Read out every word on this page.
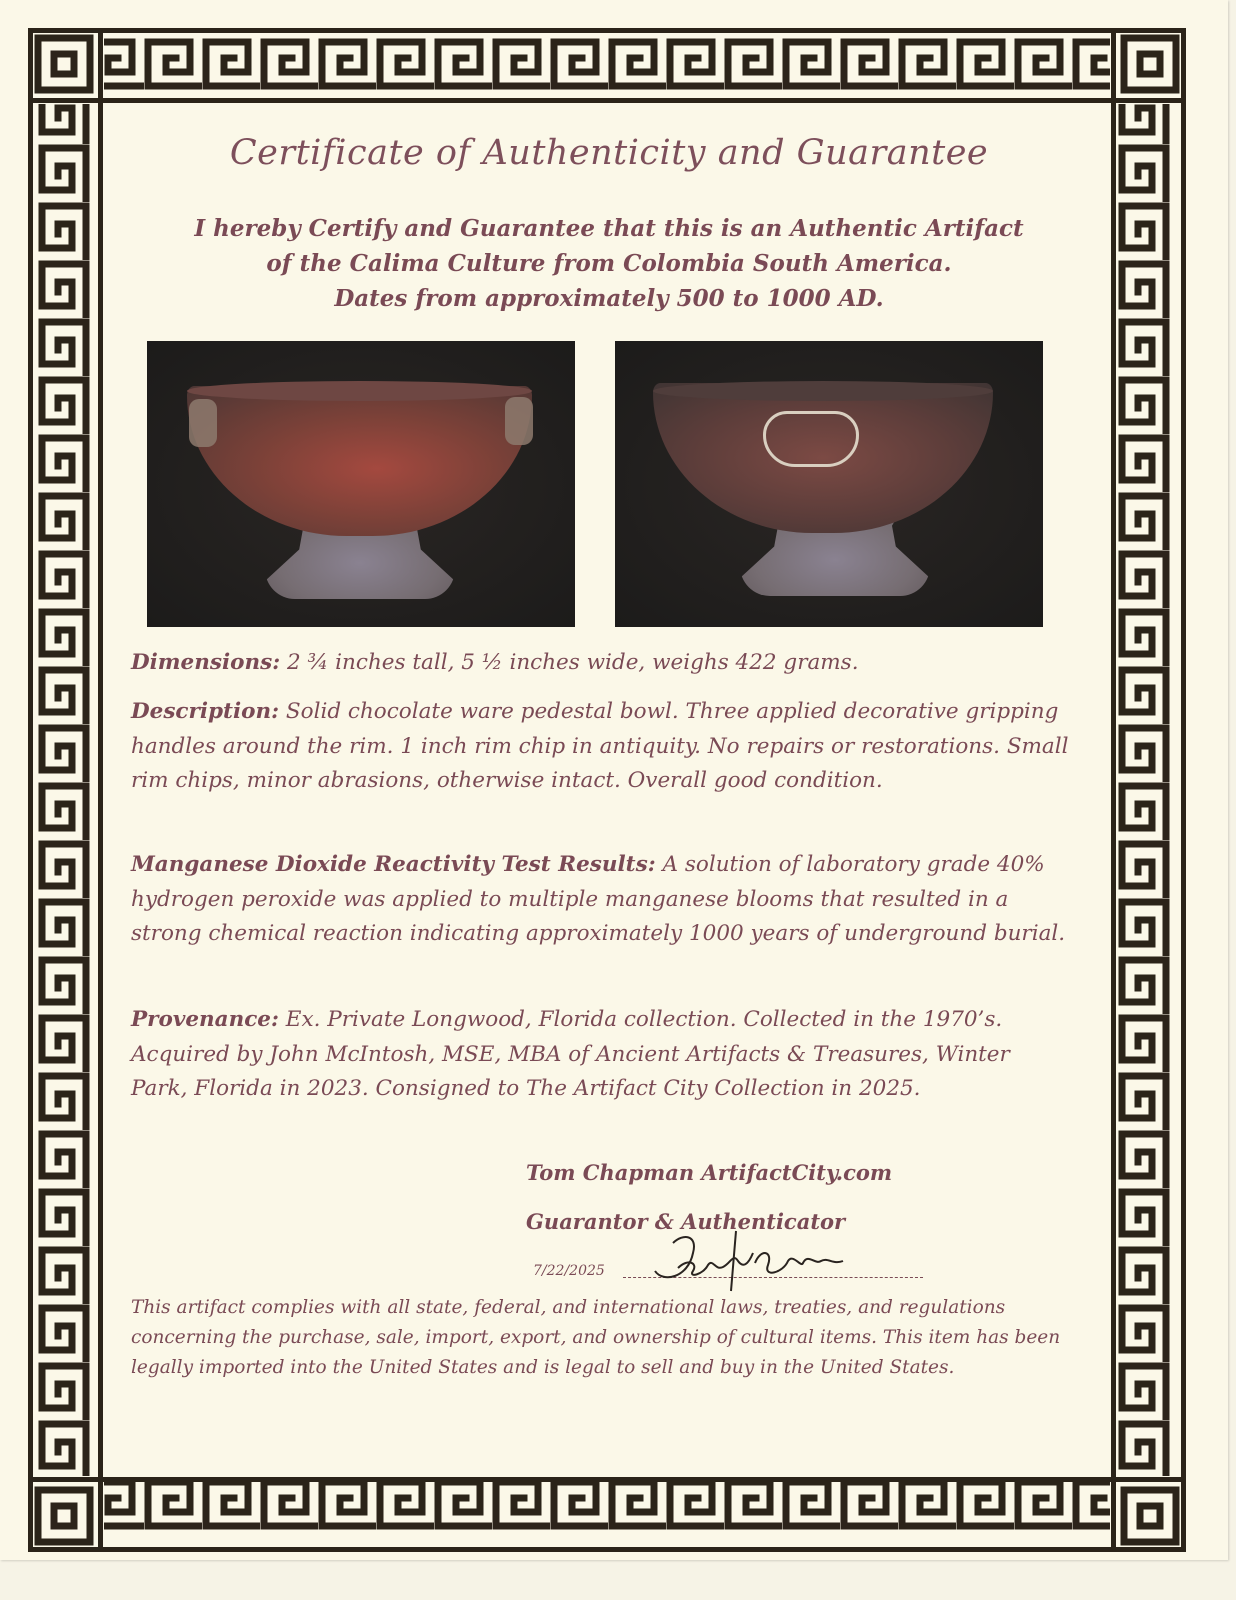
Certificate of Authenticity and Guarantee
I hereby Certify and Guarantee that this is an Authentic Artifact
of the Calima Culture from Colombia South America.
Dates from approximately 500 to 1000 AD.
Dimensions: 2 ¾ inches tall, 5 ½ inches wide, weighs 422 grams.
Description: Solid chocolate ware pedestal bowl. Three applied decorative gripping handles around the rim. 1 inch rim chip in antiquity. No repairs or restorations. Small rim chips, minor abrasions, otherwise intact. Overall good condition.
Manganese Dioxide Reactivity Test Results: A solution of laboratory grade 40% hydrogen peroxide was applied to multiple manganese blooms that resulted in a strong chemical reaction indicating approximately 1000 years of underground burial.
Provenance: Ex. Private Longwood, Florida collection. Collected in the 1970’s. Acquired by John McIntosh, MSE, MBA of Ancient Artifacts & Treasures, Winter Park, Florida in 2023. Consigned to The Artifact City Collection in 2025.
Tom Chapman ArtifactCity.com
Guarantor & Authenticator
7/22/2025
This artifact complies with all state, federal, and international laws, treaties, and regulations concerning the purchase, sale, import, export, and ownership of cultural items. This item has been legally imported into the United States and is legal to sell and buy in the United States.
